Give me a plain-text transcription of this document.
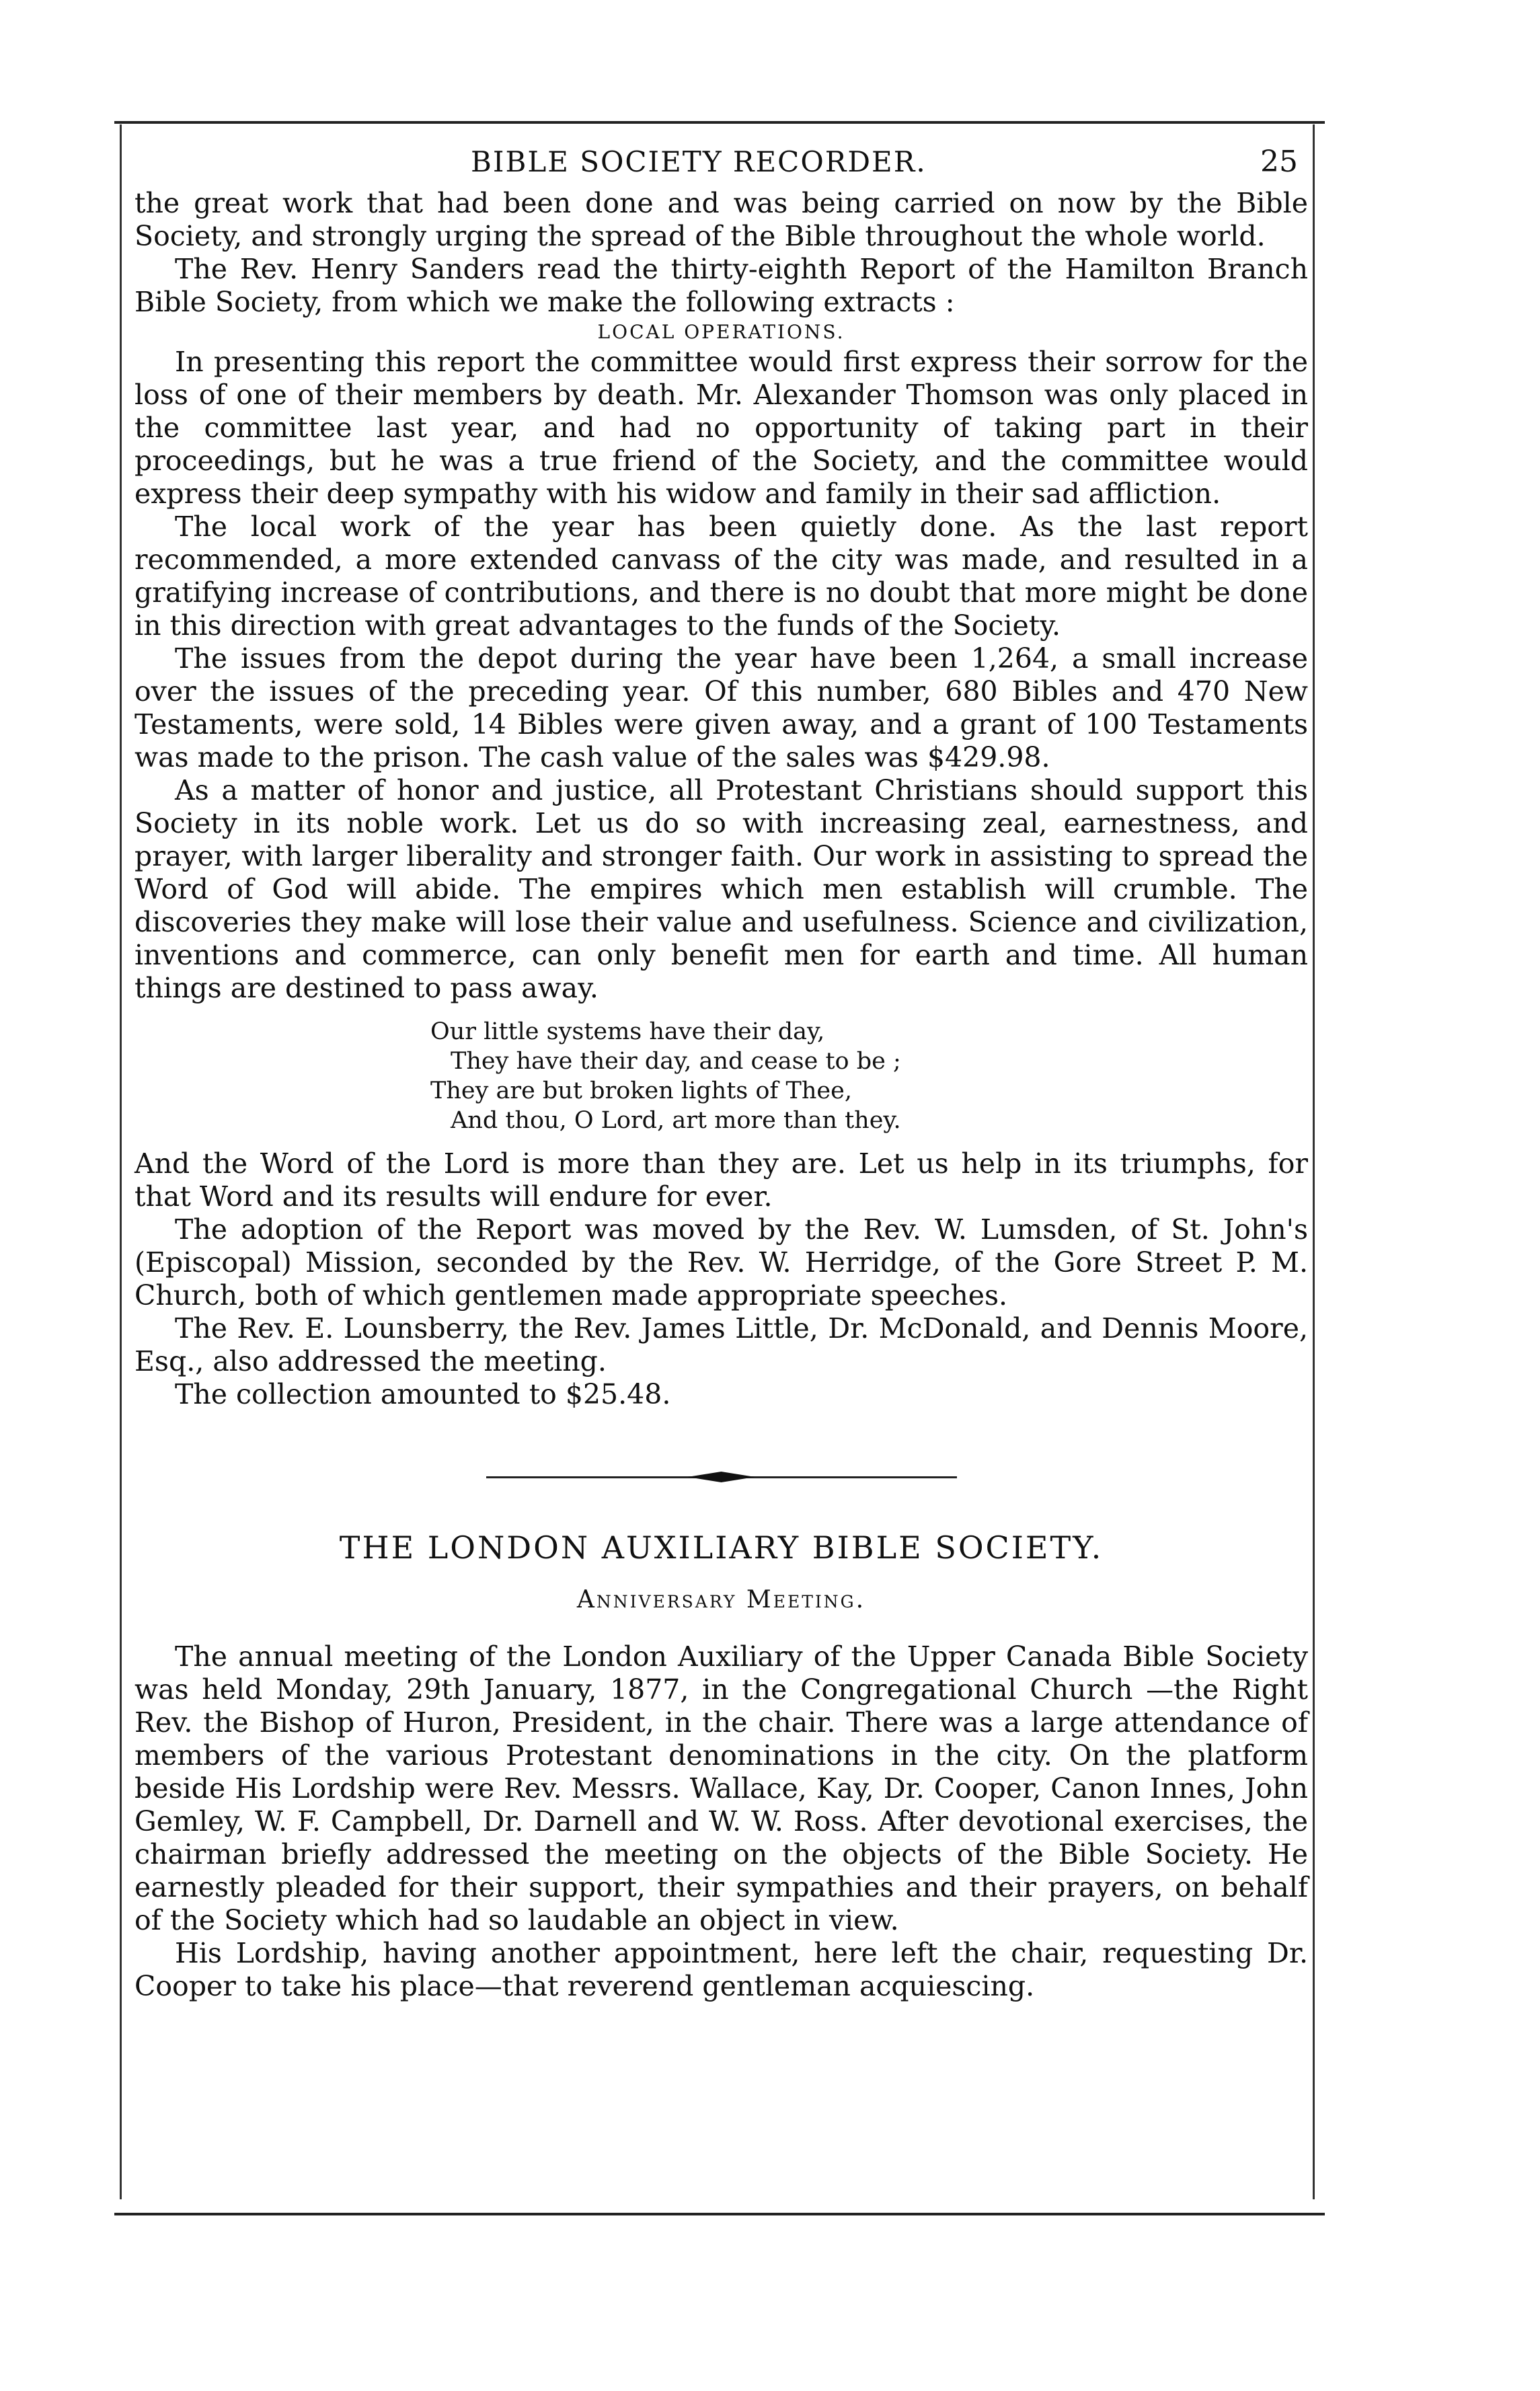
BIBLE SOCIETY RECORDER.	25

the great work that had been done and was being carried on now by the Bible Society, and strongly urging the spread of the Bible throughout the whole world.

The Rev. Henry Sanders read the thirty-eighth Report of the Hamilton Branch Bible Society, from which we make the following extracts :

LOCAL OPERATIONS.

In presenting this report the committee would first express their sorrow for the loss of one of their members by death. Mr. Alexander Thomson was only placed in the committee last year, and had no opportunity of taking part in their proceedings, but he was a true friend of the Society, and the committee would express their deep sympathy with his widow and family in their sad affliction.

The local work of the year has been quietly done. As the last report recommended, a more extended canvass of the city was made, and resulted in a gratifying increase of contributions, and there is no doubt that more might be done in this direction with great advantages to the funds of the Society.

The issues from the depot during the year have been 1,264, a small increase over the issues of the preceding year. Of this number, 680 Bibles and 470 New Testaments, were sold, 14 Bibles were given away, and a grant of 100 Testaments was made to the prison. The cash value of the sales was $429.98.

As a matter of honor and justice, all Protestant Christians should support this Society in its noble work. Let us do so with increasing zeal, earnestness, and prayer, with larger liberality and stronger faith. Our work in assisting to spread the Word of God will abide. The empires which men establish will crumble. The discoveries they make will lose their value and usefulness. Science and civilization, inventions and commerce, can only benefit men for earth and time. All human things are destined to pass away.

Our little systems have their day,
They have their day, and cease to be ;
They are but broken lights of Thee,
And thou, O Lord, art more than they.

And the Word of the Lord is more than they are. Let us help in its triumphs, for that Word and its results will endure for ever.

The adoption of the Report was moved by the Rev. W. Lumsden, of St. John's (Episcopal) Mission, seconded by the Rev. W. Herridge, of the Gore Street P. M. Church, both of which gentlemen made appropriate speeches.

The Rev. E. Lounsberry, the Rev. James Little, Dr. McDonald, and Dennis Moore, Esq., also addressed the meeting.

The collection amounted to $25.48.

THE LONDON AUXILIARY BIBLE SOCIETY.
Anniversary Meeting.

The annual meeting of the London Auxiliary of the Upper Canada Bible Society was held Monday, 29th January, 1877, in the Congregational Church —the Right Rev. the Bishop of Huron, President, in the chair. There was a large attendance of members of the various Protestant denominations in the city. On the platform beside His Lordship were Rev. Messrs. Wallace, Kay, Dr. Cooper, Canon Innes, John Gemley, W. F. Campbell, Dr. Darnell and W. W. Ross. After devotional exercises, the chairman briefly addressed the meeting on the objects of the Bible Society. He earnestly pleaded for their support, their sympathies and their prayers, on behalf of the Society which had so laudable an object in view.

His Lordship, having another appointment, here left the chair, requesting Dr. Cooper to take his place—that reverend gentleman acquiescing.
